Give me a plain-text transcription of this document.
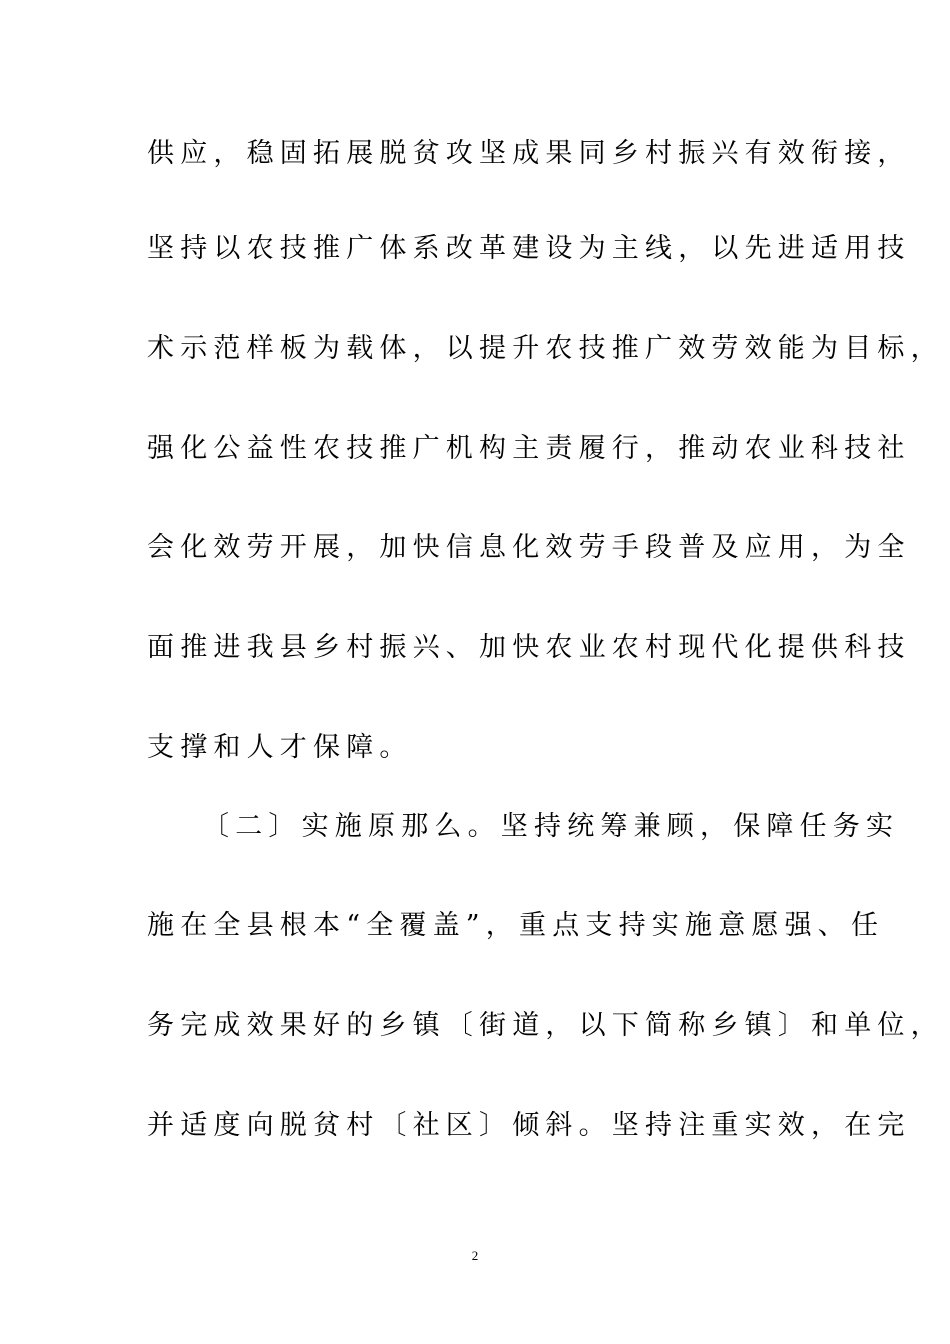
供应，稳固拓展脱贫攻坚成果同乡村振兴有效衔接，
坚持以农技推广体系改革建设为主线，以先进适用技
术示范样板为载体，以提升农技推广效劳效能为目标，
强化公益性农技推广机构主责履行，推动农业科技社
会化效劳开展，加快信息化效劳手段普及应用，为全
面推进我县乡村振兴、加快农业农村现代化提供科技
支撑和人才保障。
〔二〕实施原那么。坚持统筹兼顾，保障任务实
施在全县根本“全覆盖”，重点支持实施意愿强、任
务完成效果好的乡镇〔街道，以下简称乡镇〕和单位，
并适度向脱贫村〔社区〕倾斜。坚持注重实效，在完
2
